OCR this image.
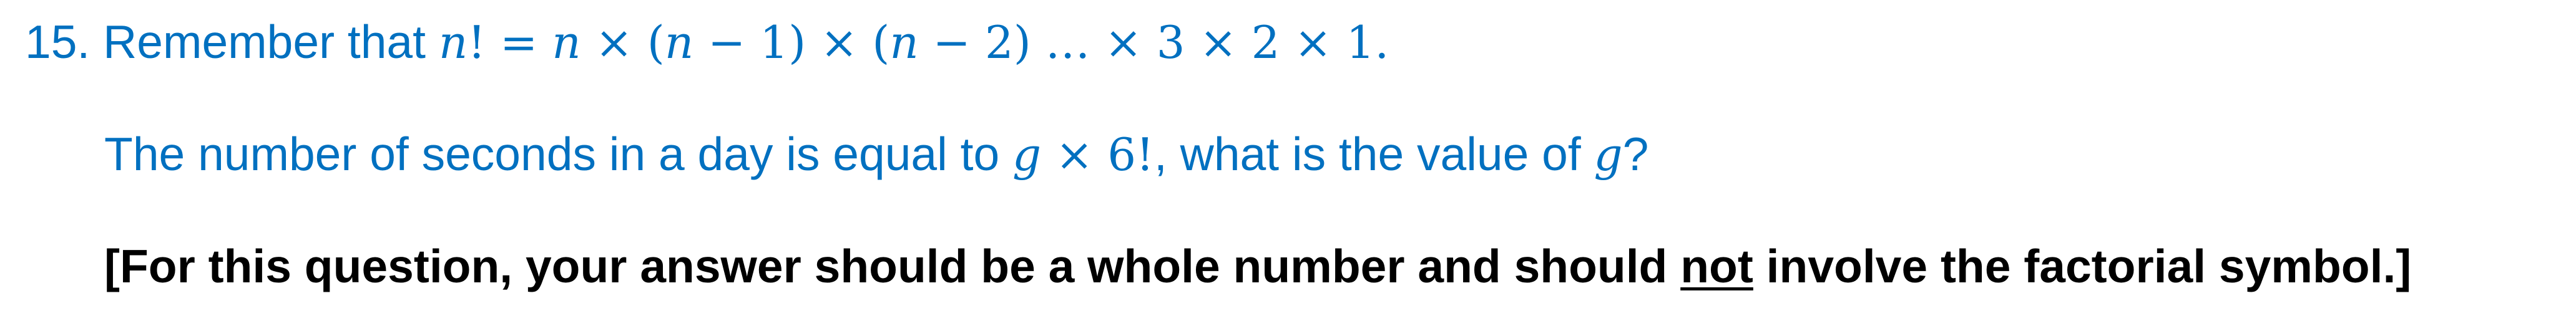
15. Remember that n! = n × (n − 1) × (n − 2) … × 3 × 2 × 1.
The number of seconds in a day is equal to g × 6!, what is the value of g?
[For this question, your answer should be a whole number and should not involve the factorial symbol.]
